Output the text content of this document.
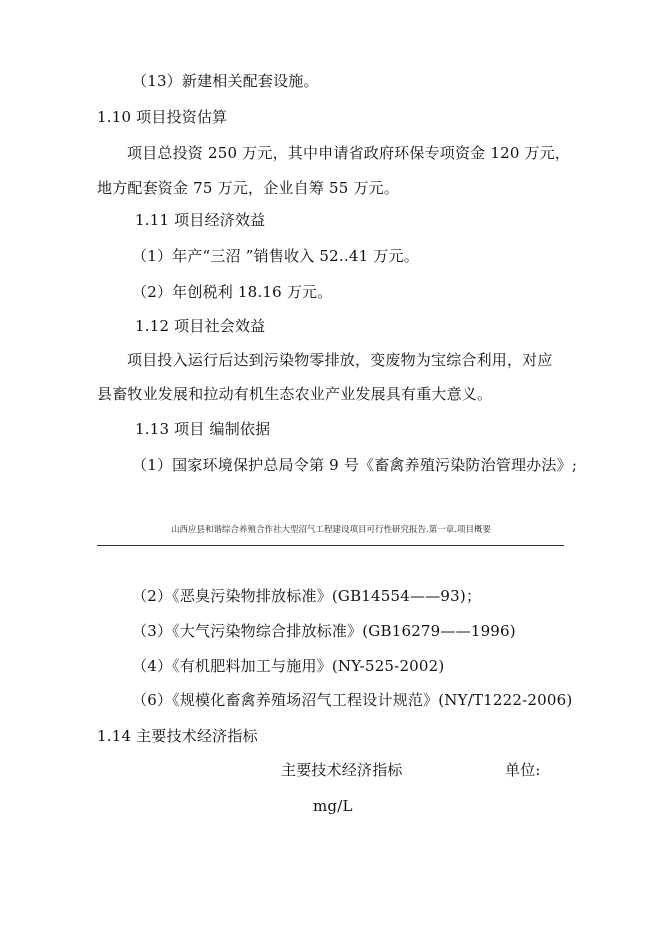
（13）新建相关配套设施。
1.10 项目投资估算
项目总投资 250 万元，其中申请省政府环保专项资金 120 万元，
地方配套资金 75 万元，企业自筹 55 万元。
1.11 项目经济效益
（1）年产“三沼 ”销售收入 52..41 万元。
（2）年创税利 18.16 万元。
1.12 项目社会效益
项目投入运行后达到污染物零排放，变废物为宝综合利用，对应
县畜牧业发展和拉动有机生态农业产业发展具有重大意义。
1.13 项目 编制依据
（1）国家环境保护总局令第 9 号《畜禽养殖污染防治管理办法》;
山西应县和谐综合养殖合作社大型沼气工程建设项目可行性研究报告.第一章.项目概要
（2）《恶臭污染物排放标准》(GB14554——93)；
（3）《大气污染物综合排放标准》(GB16279——1996)
（4）《有机肥料加工与施用》(NY-525-2002)
（6）《规模化畜禽养殖场沼气工程设计规范》(NY/T1222-2006)
1.14 主要技术经济指标
主要技术经济指标	单位:
mg/L
